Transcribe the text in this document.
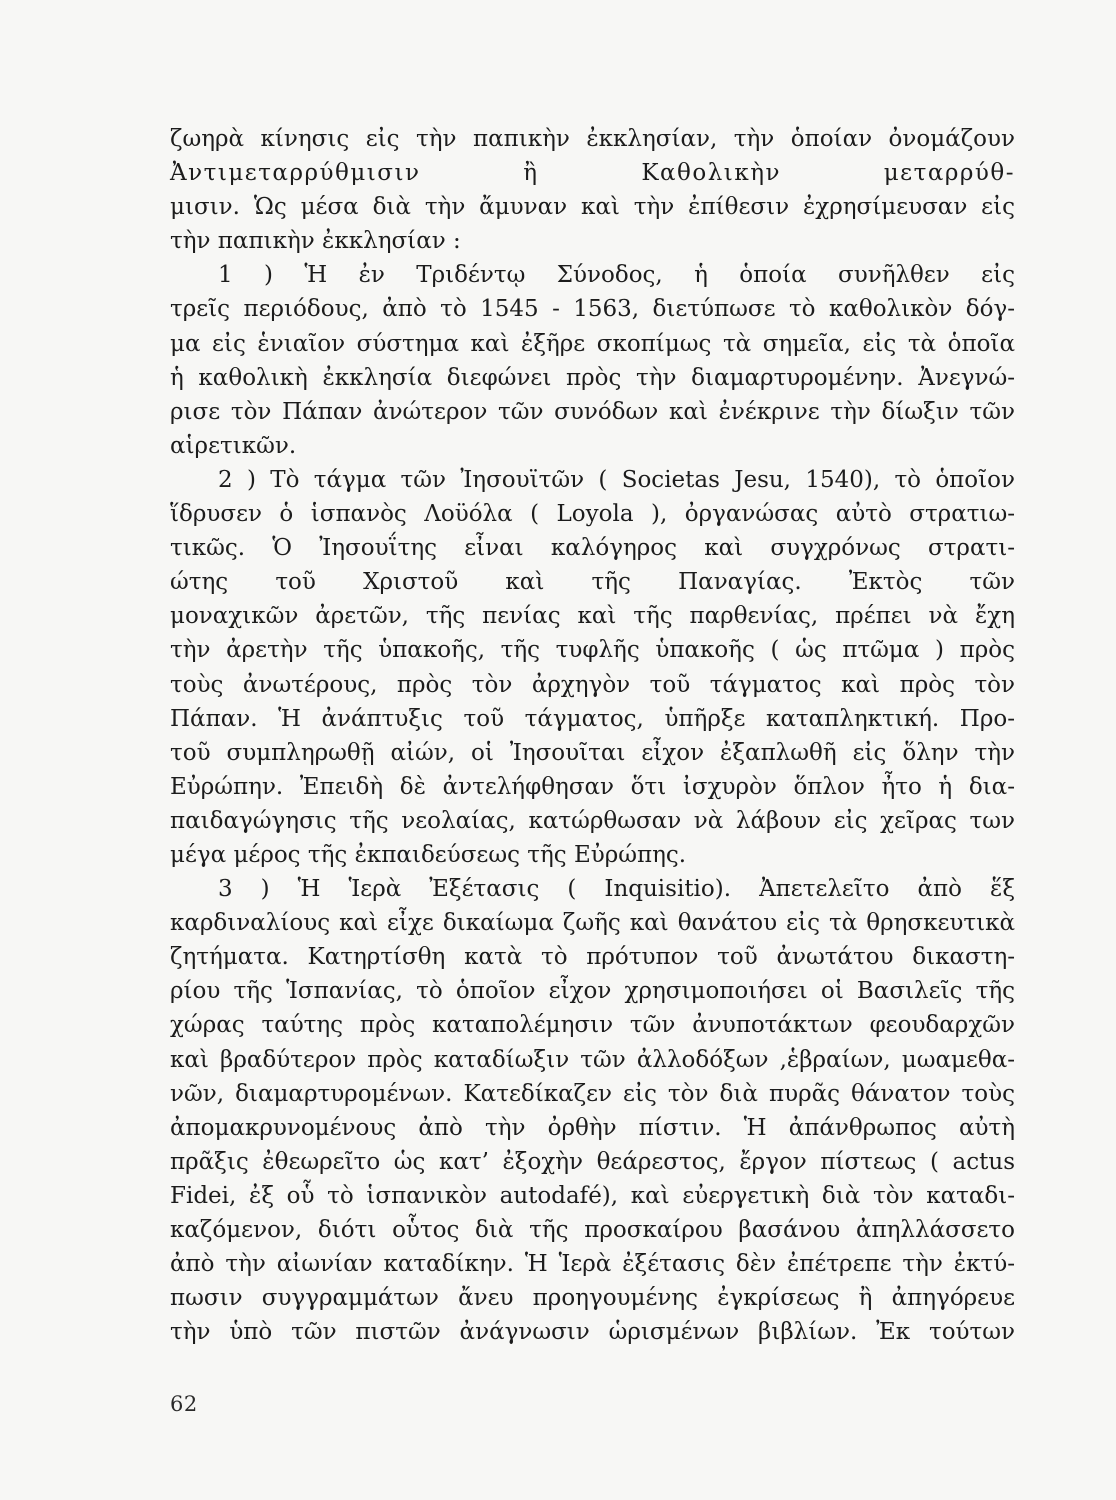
ζωηρὰ κίνησις εἰς τὴν παπικὴν ἐκκλησίαν, τὴν ὁποίαν ὀνομάζουν
Ἀντιμεταρρύθμισιν ἢ Καθολικὴν μεταρρύθ-
μισιν. Ὡς μέσα διὰ τὴν ἄμυναν καὶ τὴν ἐπίθεσιν ἐχρησίμευσαν εἰς
τὴν παπικὴν ἐκκλησίαν :
1 ) Ἡ ἐν Τριδέντῳ Σύνοδος, ἡ ὁποία συνῆλθεν εἰς
τρεῖς περιόδους, ἀπὸ τὸ 1545 - 1563, διετύπωσε τὸ καθολικὸν δόγ-
μα εἰς ἑνιαῖον σύστημα καὶ ἐξῆρε σκοπίμως τὰ σημεῖα, εἰς τὰ ὁποῖα
ἡ καθολικὴ ἐκκλησία διεφώνει πρὸς τὴν διαμαρτυρομένην. Ἀνεγνώ-
ρισε τὸν Πάπαν ἀνώτερον τῶν συνόδων καὶ ἐνέκρινε τὴν δίωξιν τῶν
αἱρετικῶν.
2 ) Τὸ τάγμα τῶν Ἰησουϊτῶν ( Societas Jesu, 1540), τὸ ὁποῖον
ἵδρυσεν ὁ ἱσπανὸς Λοϋόλα ( Loyola ), ὀργανώσας αὐτὸ στρατιω-
τικῶς. Ὁ Ἰησουΐτης εἶναι καλόγηρος καὶ συγχρόνως στρατι-
ώτης τοῦ Χριστοῦ καὶ τῆς Παναγίας. Ἐκτὸς τῶν
μοναχικῶν ἀρετῶν, τῆς πενίας καὶ τῆς παρθενίας, πρέπει νὰ ἔχη
τὴν ἀρετὴν τῆς ὑπακοῆς, τῆς τυφλῆς ὑπακοῆς ( ὡς πτῶμα ) πρὸς
τοὺς ἀνωτέρους, πρὸς τὸν ἀρχηγὸν τοῦ τάγματος καὶ πρὸς τὸν
Πάπαν. Ἡ ἀνάπτυξις τοῦ τάγματος, ὑπῆρξε καταπληκτική. Προ-
τοῦ συμπληρωθῇ αἰών, οἱ Ἰησουῖται εἶχον ἐξαπλωθῆ εἰς ὅλην τὴν
Εὐρώπην. Ἐπειδὴ δὲ ἀντελήφθησαν ὅτι ἰσχυρὸν ὅπλον ἦτο ἡ δια-
παιδαγώγησις τῆς νεολαίας, κατώρθωσαν νὰ λάβουν εἰς χεῖρας των
μέγα μέρος τῆς ἐκπαιδεύσεως τῆς Εὐρώπης.
3 ) Ἡ Ἱερὰ Ἐξέτασις ( Inquisitio). Ἀπετελεῖτο ἀπὸ ἕξ
καρδιναλίους καὶ εἶχε δικαίωμα ζωῆς καὶ θανάτου εἰς τὰ θρησκευτικὰ
ζητήματα. Κατηρτίσθη κατὰ τὸ πρότυπον τοῦ ἀνωτάτου δικαστη-
ρίου τῆς Ἱσπανίας, τὸ ὁποῖον εἶχον χρησιμοποιήσει οἱ Βασιλεῖς τῆς
χώρας ταύτης πρὸς καταπολέμησιν τῶν ἀνυποτάκτων φεουδαρχῶν
καὶ βραδύτερον πρὸς καταδίωξιν τῶν ἀλλοδόξων ,ἑβραίων, μωαμεθα-
νῶν, διαμαρτυρομένων. Κατεδίκαζεν εἰς τὸν διὰ πυρᾶς θάνατον τοὺς
ἀπομακρυνομένους ἀπὸ τὴν ὀρθὴν πίστιν. Ἡ ἀπάνθρωπος αὐτὴ
πρᾶξις ἐθεωρεῖτο ὡς κατ’ ἐξοχὴν θεάρεστος, ἔργον πίστεως ( actus
Fidei, ἐξ οὗ τὸ ἱσπανικὸν autodafé), καὶ εὐεργετικὴ διὰ τὸν καταδι-
καζόμενον, διότι οὗτος διὰ τῆς προσκαίρου βασάνου ἀπηλλάσσετο
ἀπὸ τὴν αἰωνίαν καταδίκην. Ἡ Ἱερὰ ἐξέτασις δὲν ἐπέτρεπε τὴν ἐκτύ-
πωσιν συγγραμμάτων ἄνευ προηγουμένης ἐγκρίσεως ἢ ἀπηγόρευε
τὴν ὑπὸ τῶν πιστῶν ἀνάγνωσιν ὡρισμένων βιβλίων. Ἐκ τούτων
62
